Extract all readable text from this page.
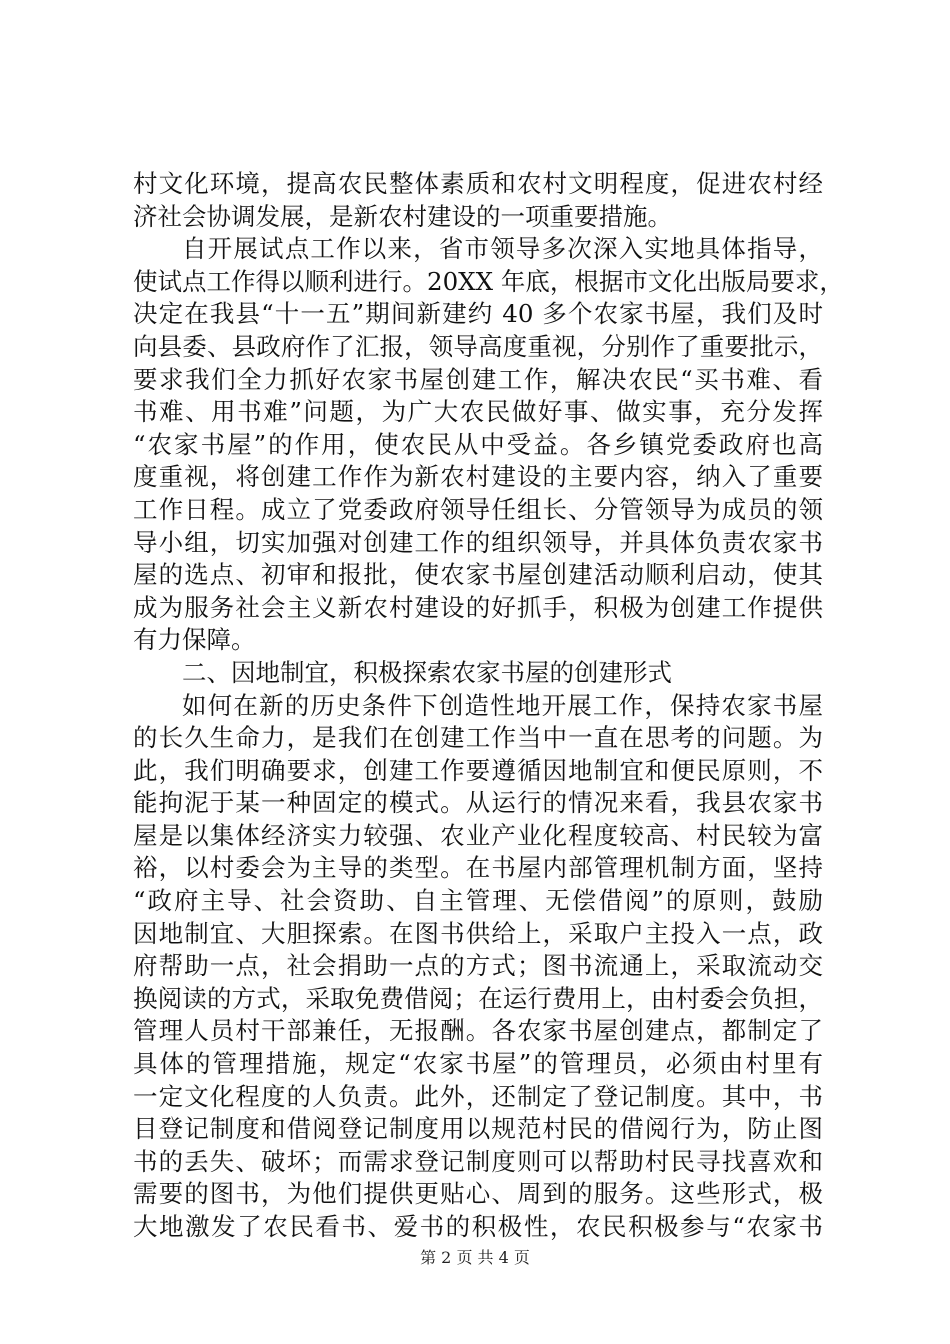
村文化环境，提高农民整体素质和农村文明程度，促进农村经
济社会协调发展，是新农村建设的一项重要措施。
自开展试点工作以来，省市领导多次深入实地具体指导，
使试点工作得以顺利进行。20XX 年底，根据市文化出版局要求，
决定在我县“十一五”期间新建约 40 多个农家书屋，我们及时
向县委、县政府作了汇报，领导高度重视，分别作了重要批示，
要求我们全力抓好农家书屋创建工作，解决农民“买书难、看
书难、用书难”问题，为广大农民做好事、做实事，充分发挥
“农家书屋”的作用，使农民从中受益。各乡镇党委政府也高
度重视，将创建工作作为新农村建设的主要内容，纳入了重要
工作日程。成立了党委政府领导任组长、分管领导为成员的领
导小组，切实加强对创建工作的组织领导，并具体负责农家书
屋的选点、初审和报批，使农家书屋创建活动顺利启动，使其
成为服务社会主义新农村建设的好抓手，积极为创建工作提供
有力保障。
二、因地制宜，积极探索农家书屋的创建形式
如何在新的历史条件下创造性地开展工作，保持农家书屋
的长久生命力，是我们在创建工作当中一直在思考的问题。为
此，我们明确要求，创建工作要遵循因地制宜和便民原则，不
能拘泥于某一种固定的模式。从运行的情况来看，我县农家书
屋是以集体经济实力较强、农业产业化程度较高、村民较为富
裕，以村委会为主导的类型。在书屋内部管理机制方面，坚持
“政府主导、社会资助、自主管理、无偿借阅”的原则，鼓励
因地制宜、大胆探索。在图书供给上，采取户主投入一点，政
府帮助一点，社会捐助一点的方式；图书流通上，采取流动交
换阅读的方式，采取免费借阅；在运行费用上，由村委会负担，
管理人员村干部兼任，无报酬。各农家书屋创建点，都制定了
具体的管理措施，规定“农家书屋”的管理员，必须由村里有
一定文化程度的人负责。此外，还制定了登记制度。其中，书
目登记制度和借阅登记制度用以规范村民的借阅行为，防止图
书的丢失、破坏；而需求登记制度则可以帮助村民寻找喜欢和
需要的图书，为他们提供更贴心、周到的服务。这些形式，极
大地激发了农民看书、爱书的积极性，农民积极参与“农家书
第 2 页 共 4 页
